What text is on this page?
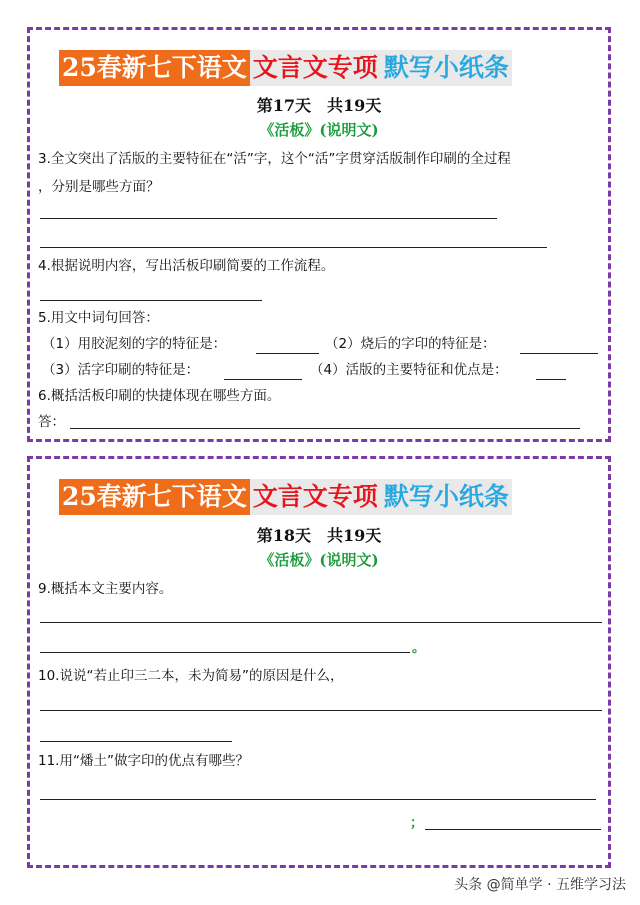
25春新七下语文 文言文专项 默写小纸条
第17天　共19天
《活板》(说明文)
3.全文突出了活版的主要特征在“活”字，这个“活”字贯穿活版制作印刷的全过程
，分别是哪些方面？
4.根据说明内容，写出活板印刷简要的工作流程。
5.用文中词句回答：
（1）用胶泥刻的字的特征是：	（2）烧后的字印的特征是：
（3）活字印刷的特征是：	（4）活版的主要特征和优点是：
6.概括活板印刷的快捷体现在哪些方面。
答：
25春新七下语文 文言文专项 默写小纸条
第18天　共19天
《活板》(说明文)
9.概括本文主要内容。
。
10.说说“若止印三二本，未为简易”的原因是什么，
11.用“燔土”做字印的优点有哪些？
；
头条 @简单学 · 五维学习法
